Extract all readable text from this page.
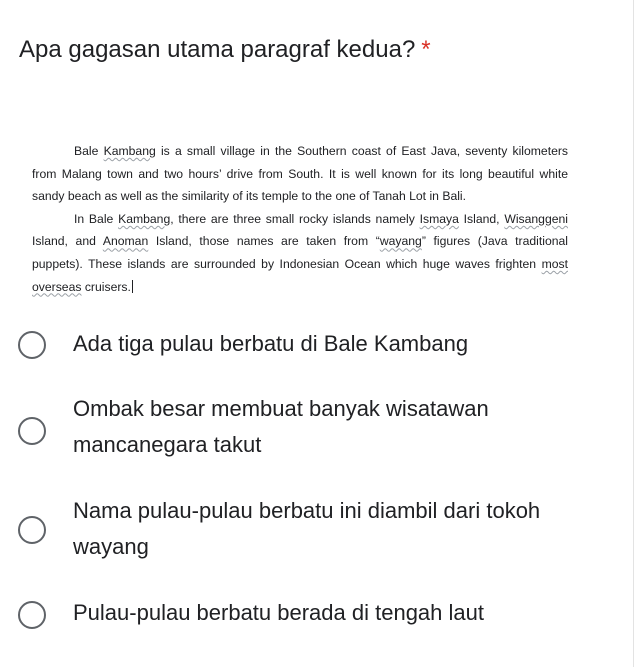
Apa gagasan utama paragraf kedua? *

Bale Kambang is a small village in the Southern coast of East Java, seventy kilometers from Malang town and two hours’ drive from South. It is well known for its long beautiful white sandy beach as well as the similarity of its temple to the one of Tanah Lot in Bali.

In Bale Kambang, there are three small rocky islands namely Ismaya Island, Wisanggeni Island, and Anoman Island, those names are taken from “wayang” figures (Java traditional puppets). These islands are surrounded by Indonesian Ocean which huge waves frighten most overseas cruisers.

Ada tiga pulau berbatu di Bale Kambang
Ombak besar membuat banyak wisatawan mancanegara takut
Nama pulau-pulau berbatu ini diambil dari tokoh wayang
Pulau-pulau berbatu berada di tengah laut
